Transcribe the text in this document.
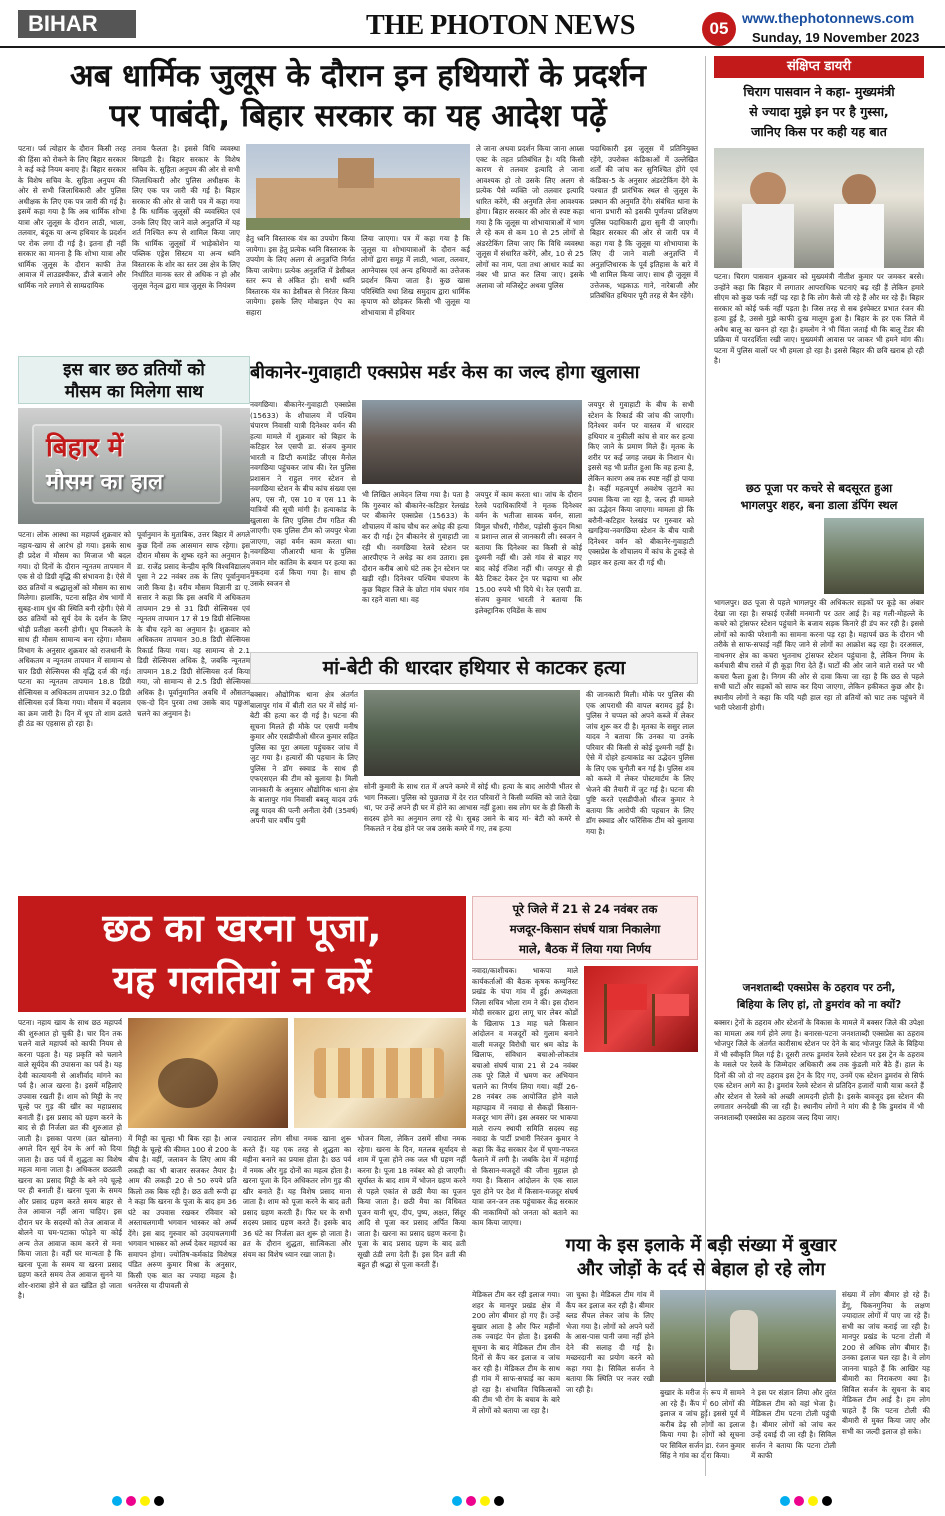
BIHAR	THE PHOTON NEWS	05
www.thephotonnews.com
Sunday, 19 November 2023
अब धार्मिक जुलूस के दौरान इन हथियारों के प्रदर्शन
पर पाबंदी, बिहार सरकार का यह आदेश पढ़ें
पटना। पर्व त्योहार के दौरान किसी तरह की हिंसा को रोकने के लिए बिहार सरकार ने कई कड़े नियम बनाए हैं। बिहार सरकार के विशेष सचिव के. सुहिता अनुपम की ओर से सभी जिलाधिकारी और पुलिस अधीक्षक के लिए एक पत्र जारी की गई है। इसमें कहा गया है कि अब धार्मिक शोभा यात्रा और जुलूस के दौरान लाठी, भाला, तलवार, बंदूक या अन्य हथियार के प्रदर्शन पर रोक लगा दी गई है। इतना ही नहीं सरकार का मानना है कि शोभा यात्रा और धार्मिक जुलूस के दौरान काफी तेज आवाज में लाउडस्पीकर, डीजे बजाने और धार्मिक नारे लगाने से साम्प्रदायिक
तनाव फैलता है। इससे विधि व्यवस्था बिगड़ती है। बिहार सरकार के विशेष सचिव के. सुहिता अनुपम की ओर से सभी जिलाधिकारी और पुलिस अधीक्षक के लिए एक पत्र जारी की गई है। बिहार सरकार की ओर से जारी पत्र में कहा गया है कि धार्मिक जुलूसों की व्यवस्थित एवं उनके लिए दिए जाने वाले अनुज्ञप्ति में यह शर्त निश्चित रूप से शामिल किया जाए कि धार्मिक जुलूसों में भाड़ेकोशेन या पब्लिक एड्रेस सिस्टम या अन्य ध्वनि विस्तारक के शोर का स्तर उस क्षेत्र के लिए निर्धारित मानक स्तर से अधिक न हो और जुलूस नेतृत्व द्वारा मात्र जुलूस के नियंत्रण
हेतु ध्वनि विस्तारक यंत्र का उपयोग किया जायेगा। इस हेतु प्रत्येक ध्वनि विस्तारक के उपयोग के लिए अलग से अनुज्ञप्ति निर्गत किया जायेगा। प्रत्येक अनुज्ञप्ति में डेसीबल स्तर रूप से अंकित हो। सभी ध्वनि विस्तारक यंत्र का डेसीबल से निरंतर किया जायेगा। इसके लिए मोबाइल ऐप का सहारा
लिया जाएगा। पत्र में कहा गया है कि जुलूस या शोभायात्राओं के दौरान कई लोगों द्वारा समूह में लाठी, भाला, तलवार, आग्नेयास्त्र एवं अन्य हथियारों का उत्तेजक प्रदर्शन किया जाता है। कुछ खास परिस्थिति यथा शिख समुदाय द्वारा धार्मिक कृपाण को छोड़कर किसी भी जुलूस या शोभायात्रा में हथियार
ले जाना अथवा प्रदर्शन किया जाना आम्र्स एक्ट के तहत प्रतिबंधित है। यदि किसी कारण से तलवार इत्यादि ले जाना आवश्यक हो तो उसके लिए अलग से प्रत्येक पैसे व्यक्ति जो तलवार इत्यादि धारित करेंगे, की अनुमति लेना आवश्यक होगा। बिहार सरकार की ओर से स्पष्ट कहा गया है कि जुलूस या शोभायात्राओं में भाग ले रहे कम से कम 10 से 25 लोगों से अंडरटेकिंग लिया जाए कि विधि व्यवस्था जुलूस में संधारित करेंगे, और, 10 से 25 लोगों का नाम, पता तथा आधार कार्ड का नंबर भी प्राप्त कर लिया जाए। इसके अलावा जो मजिस्ट्रेट अथवा पुलिस
पदाधिकारी इस जुलूस में प्रतिनियुक्त रहेंगे, उपरोक्त कंडिकाओं में उल्लेखित शर्तों की जांच कर सुनिश्चित होंगे एवं कंडिका-5 के अनुसार अंडरटेकिंग देंगे के पश्चात ही प्रारंभिक स्थल से जुलूस के प्रस्थान की अनुमति देंगे। संबंधित थाना के थाना प्रभारी को इसकी पूर्णतया प्रशिक्षण पुलिस पदाधिकारी द्वारा सुनी दी जाएगी। बिहार सरकार की ओर से जारी पत्र में कहा गया है कि जुलूस या शोभायात्रा के लिए दी जाने वाली अनुज्ञप्ति में अनुज्ञप्तिधारक के पूर्व इतिहास के बारे में भी शामिल किया जाए। साथ ही जुलूस में उत्तेजक, भड़काऊ गाने, नारेबाजी और प्रतिबंधित हथियार पूरी तरह से बैन रहेंगे।
इस बार छठ व्रतियों को
मौसम का मिलेगा साथ
बिहार में
मौसम का हाल
पटना। लोक आस्था का महापर्व शुक्रवार को नहाय-खाय से आरंभ हो गया। इसके साथ ही प्रदेश में मौसम का मिजाज भी बदल गया। दो दिनों के दौरान न्यूनतम तापमान में एक से दो डिग्री वृद्धि की संभावना है। ऐसे में छठ व्रतियों व श्रद्धालुओं को मौसम का साथ मिलेगा। हालांकि, पटना सहित शेष भागों में सुबह-शाम धुंध की स्थिति बनी रहेगी। ऐसे में छठ व्रतियों को सूर्य देव के दर्शन के लिए थोड़ी प्रतीक्षा करनी होगी। धूप निकलने के साथ ही मौसम सामान्य बना रहेगा। मौसम विभाग के अनुसार शुक्रवार को राजधानी के अधिकतम व न्यूनतम तापमान में सामान्य से चार डिग्री सेल्सियस की वृद्धि दर्ज की गई। पटना का न्यूनतम तापमान 18.8 डिग्री सेल्सियस व अधिकतम तापमान 32.0 डिग्री सेल्सियस दर्ज किया गया। मौसम में बदलाव का क्रम जारी है। दिन में धूप तो शाम ढलते ही ठंड का एहसास हो रहा है।
पूर्वानुमान के मुताबिक, उत्तर बिहार में अगले कुछ दिनों तक आसमान साफ रहेगा। इस दौरान मौसम के शुष्क रहने का अनुमान है। डा. राजेंद्र प्रसाद केन्द्रीय कृषि विश्वविद्यालय पूसा ने 22 नवंबर तक के लिए पूर्वानुमान जारी किया है। वरीय मौसम विज्ञानी डा ए. सत्तार ने कहा कि इस अवधि में अधिकतम तापमान 29 से 31 डिग्री सेल्सियस एवं न्यूनतम तापमान 17 से 19 डिग्री सेल्सियस के बीच रहने का अनुमान है। शुक्रवार को अधिकतम तापमान 30.8 डिग्री सेल्सियस रिकार्ड किया गया। यह सामान्य से 2.1 डिग्री सेल्सियस अधिक है, जबकि न्यूनतम तापमान 18.2 डिग्री सेल्सियस दर्ज किया गया, जो सामान्य से 2.5 डिग्री सेल्सियस अधिक है। पूर्वानुमानित अवधि में औसतन एक-दो दिन पुरवा तथा उसके बाद पछुआ चलने का अनुमान है।
बीकानेर-गुवाहाटी एक्सप्रेस मर्डर केस का जल्द होगा खुलासा
नवगछिया। बीकानेर-गुवाहाटी एक्सप्रेस (15633) के शौचालय में पश्चिम चंपारण निवासी यात्री दिनेश्वर वर्मन की हत्या मामले में शुक्रवार को बिहार के कटिहार रेल एसपी डा. संजय कुमार भारती व डिप्टी कमांडेंट जीएस मैनोल नवगछिया पहुंचकर जांच की। रेल पुलिस प्रशासन ने राहुल नगर स्टेशन से नवगछिया स्टेशन के बीच कांच संख्या एस अप, एस नौ, एस 10 व एस 11 के यात्रियों की सूची मांगी है। हत्याकांड के खुलासा के लिए पुलिस टीम गठित की जाएगी। एक पुलिस टीम को जयपुर भेजा जाएगा, जहां वर्मन काम करता था। नवगछिया जीआरपी थाना के पुलिस जवान मोर कांतिम के बयान पर हत्या का मुकदमा दर्ज किया गया है। साथ ही उसके स्वजन से
भी लिखित आवेदन लिया गया है। पता है कि गुरुवार को बीकानेर-कटिहार रेलखंड पर बीकानेर एक्सप्रेस (15633) के शौचालय में कांच चौथ कर अधेड़ की हत्या कर दी गई। ट्रेन बीकानेर से गुवाहाटी जा रही थी। नवगछिया रेलवे स्टेशन पर आरपीएफ ने अधेड़ का शव उतारा। इस दौरान करीब आधे घंटे तक ट्रेन स्टेशन पर खड़ी रही। दिनेश्वर पश्चिम चंपारण के कुछ बिहार जिले के छोटा गांव घंघार गांव का रहने वाला था। वह
जयपुर में काम करता था। जांच के दौरान रेलवे पदाधिकारियों ने मृतक दिनेश्वर वर्मन के भतीजा सावक वर्मन, साला विमुल चौधरी, गौरीश, पड़ोसी कुंदन मिश्रा व प्रशान्त लाल से जानकारी ली। स्वजन ने बताया कि दिनेश्वर का किसी से कोई दुश्मनी नहीं थी। उसे गांव से बाहर गए बाद कोई रंजिश नहीं थी। जयपुर से ही बैठे टिकट देकर ट्रेन पर चढ़ाया था और 15.00 रुपये भी दिये थे। रेल एसपी डा. संजय कुमार भारती ने बताया कि इलेक्ट्रानिक एविडेंस के साथ
जयपुर से गुवाहाटी के बीच के सभी स्टेशन के रिकार्ड की जांच की जाएगी। दिनेश्वर वर्मन पर वास्तव में धारदार हथियार व नुकीली कांच से वार कर हत्या किए जाने के प्रमाण मिले हैं। मृतक के शरीर पर कई जगह जख्म के निशान थे। इससे यह भी प्रतीत हुआ कि वह हत्या है, लेकिन कारण अब तक स्पष्ट नहीं हो पाया है। कहीं महत्वपूर्ण अवशेष जुटाने का प्रयास किया जा रहा है, जल्द ही मामले का उद्भेदन किया जाएगा। मामला हो कि बरौनी-कटिहार रेलखंड पर गुरुवार को खगड़िया-नवगछिया स्टेशन के बीच यात्री दिनेश्वर वर्मन को बीकानेर-गुवाहाटी एक्सप्रेस के शौचालय में कांच के टुकड़े से प्रहार कर हत्या कर दी गई थी।
मां-बेटी की धारदार हथियार से काटकर हत्या
बक्सर। औद्योगिक थाना क्षेत्र अंतर्गत बालापुर गांव में बीती रात घर में सोई मां-बेटी की हत्या कर दी गई है। घटना की सूचना मिलते ही मौके पर एसपी मनीष कुमार और एसडीपीओ धीरज कुमार सहित पुलिस का पूरा अमला पहुंचकर जांच में जुट गया है। हत्यारों की पहचान के लिए पुलिस ने डॉग स्क्वाड के साथ ही एफएसएल की टीम को बुलाया है। मिली जानकारी के अनुसार औद्योगिक थाना क्षेत्र के बालापुर गांव निवासी बबलू यादव उर्फ लड्डू यादव की पत्नी अनीता देवी (35वर्ष) अपनी चार वर्षीय पुत्री
सोनी कुमारी के साथ रात में अपने कमरे में सोई थी। हत्या के बाद आरोपी भीतर से भाग निकला। पुलिस को पुछताछ में देर रात परिवारों ने किसी व्यक्ति को जाते देखा था, पर उन्हें अपने ही घर में होने का आभास नहीं हुआ। सब लोग घर के ही किसी के सदस्य होने का अनुमान लगा रहे थे। सुबह उसने के बाद मां- बेटी को कमरे से निकलते न देख होने पर जब उसके कमरे में गए, तब हत्या
की जानकारी मिली। मौके पर पुलिस की एक आपराधी की वापल बरामद हुई है। पुलिस ने चप्पल को अपने कब्जे में लेकर जांच शुरू कर दी है। मृतका के ससुर लाल यादव ने बताया कि उनका या उनके परिवार की किसी से कोई दुश्मनी नहीं है। ऐसे में दोहरे हत्याकांड का उद्भेदन पुलिस के लिए एक चुनौती बन गई है। पुलिस शव को कब्जे में लेकर पोस्टमार्टम के लिए भेजने की तैयारी में जुट गई है। घटना की पुष्टि करते एसडीपीओ धीरज कुमार ने बताया कि आरोपी की पहचान के लिए डॉग स्क्वाड और फॉरेंसिक टीम को बुलाया गया है।
छठ का खरना पूजा,
यह गलतियां न करें
पटना। नहाय खाय के साथ छठ महापर्व की शुरुआत हो चुकी है। चार दिन तक चलने वाले महापर्व को काफी नियम से करना पड़ता है। यह प्रकृति को चलाने वाले सूर्यदेव की उपासना का पर्व है। यह देवी कात्यायनी से आशीर्वाद मांगने का पर्व है। आज खरना है। इसमें महिलाएं उपवास रखती हैं। शाम को मिट्टी के नए चूल्हे पर गुड़ की खीर का महाप्रसाद बनाती हैं। इस प्रसाद को ग्रहण करने के बाद से ही निर्जला व्रत की शुरुआत हो जाती है। इसका पारण (व्रत खोलना) अगले दिन सूर्य देव के अर्ग को दिया जाता है। छठ पर्व में शुद्धता का विशेष महत्व माना जाता है। अधिकतर छठव्रती खरना का प्रसाद मिट्टी के बने नये चूल्हे पर ही बनाती हैं। खरना पूजा के समय और प्रसाद ग्रहण करते समय बाहर से तेज आवाज नहीं आना चाहिए। इस दौरान घर के सदस्यों को तेज आवाज में बोलने या चम-पटाका फोड़ने या कोई अन्य तेज आवाज काम करने से मना किया जाता है। वहीं घर मान्यता है कि खरना पूजा के समय या खरना प्रसाद ग्रहण करते समय तेज आवाज सुनने या शोर-शराबा होने से व्रत खंडित हो जाता है।
में मिट्टी का चूल्हा भी बिक रहा है। आज मिट्टी के चूल्हे की कीमत 100 से 200 के बीच है। वहीं, जलावन के लिए आम की लकड़ी का भी बाजार सजकर तैयार है। आम की लकड़ी 20 से 50 रुपये प्रति किलो तक बिक रही है। छठ व्रती रूपी ढ़ा ने कहा कि खरना के पूजा के बाद हम 36 घंटे का उपवास रखकर रविवार को अस्ताचलगामी भगवान भास्कर को अर्घ्य देंगे। इस बाद गुरुवार को उदयाचलगामी भगवान भास्कर को अर्घ्य देकर महापर्व का समापन होगा। ज्योतिष-कर्मकांड विशेषज्ञ पंडित अरुण कुमार मिश्रा के अनुसार, किसी एक बात का ज्यादा महत्व है। धनतेरस या दीपावली से
ज्यादातर लोग सीधा नमक खाना शुरू करते हैं। यह एक तरह से शुद्धता का महीना बनाने का प्रयास होता है। छठ पर्व में नमक और गुड़ दोनों का महत्व होता है। खरना पूजा के दिन अधिकतर लोग गुड़ की खीर बनाते हैं। यह विशेष प्रसाद माना जाता है। शाम को पूजा करने के बाद व्रती प्रसाद ग्रहण करती हैं। फिर घर के सभी सदस्य प्रसाद ग्रहण करते हैं। इसके बाद 36 घंटे का निर्जला व्रत शुरू हो जाता है। व्रत के दौरान शुद्धता, सात्विकता और संयम का विशेष ध्यान रखा जाता है।
भोजन मिला, लेकिन उसमें सीधा नमक रहेगा। खरना के दिन, मतलब सूर्यादय से शाम में पूजा होने तक जल भी ग्रहण नहीं करना है। पूजा 18 नवंबर को हो जाएगी। सूर्यास्त के बाद शाम में भोजन ग्रहण करने से पहले एकांत से छठी मैया का पूजन किया जाता है। छठी मैया का विधिवत पूजन यानी धूप, दीप, पुष्प, अक्षत, सिंदूर आदि से पूजा कर प्रसाद अर्पित किया जाता है। खरना का प्रसाद ग्रहण करना है। पूजा के बाद प्रसाद ग्रहण के बाद व्रती सूखी ठंडी लगा देती हैं। इस दिन व्रती की बहुत ही श्रद्धा से पूजा करती हैं।
पूरे जिले में 21 से 24 नवंबर तक
मजदूर-किसान संघर्ष यात्रा निकालेगा
माले, बैठक में लिया गया निर्णय
नवादा/काशीचक। भाकपा माले कार्यकर्ताओं की बैठक कृषक कम्युनिस्ट प्रखंड के चंपा गांव में हुई। अध्यक्षता जिला सचिव भोला राम ने की। इस दौरान मोदी सरकार द्वारा लागू चार लेबर कोडों के खिलाफ 13 माह चले किसान आंदोलन व मजदूरों को गुलाम बनाने वाली मजदूर विरोधी चार श्रम कोड के खिलाफ, संविधान बचाओ-लोकतंत्र बचाओ संघर्ष यात्रा 21 से 24 नवंबर तक पूरे जिले में भ्रमण कर अभियान चलाने का निर्णय लिया गया। वहीं 26-28 नवंबर तक आयोजित होने वाले महापड़ाव में नवादा से सैकड़ों किसान-मजदूर भाग लेंगे। इस अवसर पर भाकपा माले राज्य स्थायी समिति सदस्य सह नवादा के पार्टी प्रभारी निरंजन कुमार ने कहा कि केंद्र सरकार देश में घृणा-नफरत फैलाने में लगी है। जबकि देश में महंगाई से किसान-मजदूरों की जीना मुहाल हो गया है। किसान आंदोलन के एक साल पूरा होने पर देश में किसान-मजदूर संघर्ष यात्रा जन-जन तक पहुंचाकर केंद्र सरकार की नाकामियों को जनता को बताने का काम किया जाएगा।
गया के इस इलाके में बड़ी संख्या में बुखार
और जोड़ों के दर्द से बेहाल हो रहे लोग
मेडिकल टीम कर रही इलाज गया। शहर के मानपुर प्रखंड क्षेत्र में 200 लोग बीमार हो गए हैं। उन्हें बुखार आता है और फिर महीनों तक ज्वाइंट पेन होता है। इसकी सूचना के बाद मेडिकल टीम तीन दिनों से कैंप कर इलाज व जांच कर रही है। मेडिकल टीम के साथ ही गांव में साफ-सफाई का काम हो रहा है। संभावित चिकित्सकों की टीम भी रोग के बचाव के बारे में लोगों को बताया जा रहा है।
जा चुका है। मेडिकल टीम गांव में कैंप कर इलाज कर रही है। बीमार ब्लड सैंपल लेकर जांच के लिए भेजा गया है। लोगों को अपने घरों के आस-पास पानी जमा नहीं होने देने की सलाह दी गई है। मच्छरदानी का प्रयोग करने को कहा गया है। सिविल सर्जन ने बताया कि स्थिति पर नजर रखी जा रही है।	बुखार के मरीज के रूप में सामने आ रहे हैं। कैंप में 60 लोगों की इलाज व जांच हुई। इससे पूर्व में करीब डेढ़ सौ लोगों का इलाज किया गया है। लोगों को सूचना पर सिविल सर्जन डा. रंजन कुमार सिंह ने गांव का दौरा किया।
ने इस पर संज्ञान लिया और तुरंत मेडिकल टीम को वहां भेजा है। मेडिकल टीम पटना टोली पहुंची है। बीमार लोगों को जांच कर उन्हें दवाई दी जा रही है। सिविल सर्जन ने बताया कि पटना टोली में काफी
संख्या में लोग बीमार हो रहे हैं। डेंगू, चिकनगुनिया के लक्षण ज्यादातर लोगों में पाए जा रहे हैं। सभी का जांच कराई जा रही है। मानपुर प्रखंड के पटना टोली में 200 से अधिक लोग बीमार हैं। उनका इलाज चल रहा है। वे लोग जानना चाहते हैं कि आखिर यह बीमारी का निराकरण क्या है। सिविल सर्जन के सूचना के बाद मेडिकल टीम आई है। हम लोग चाहते हैं कि पटना टोली की बीमारी से मुक्त किया जाए और सभी का जल्दी इलाज हो सके।
संक्षिप्त डायरी
चिराग पासवान ने कहा- मुख्यमंत्री
से ज्यादा मुझे इन पर है गुस्सा,
जानिए किस पर कही यह बात
पटना। चिराग पासवान शुक्रवार को मुख्यमंत्री नीतीश कुमार पर जमकर बरसे। उन्होंने कहा कि बिहार में लगातार आपराधिक घटनाएं बढ़ रही हैं लेकिन हमारे सीएम को कुछ फर्क नहीं पड़ रहा है कि लोग कैसे जी रहे हैं और मर रहे हैं। बिहार सरकार को कोई फर्क नहीं पड़ता है। जिस तरह से सब इंस्पेक्टर प्रभात रंजन की हत्या हुई है, उससे मुझे काफी दुःख मालूम हुआ है। बिहार के हर एक जिले में अवैध बालू का खनन हो रहा है। हमलोग ने भी चिंता जताई थी कि बालू टेंडर की प्रक्रिया में पारदर्शिता रखी जाए। मुख्यमंत्री आवास पर जाकर भी हमने मांग की। पटना में पुलिस वालों पर भी हमला हो रहा है। इससे बिहार की छवि खराब हो रही है।
छठ पूजा पर कचरे से बदसूरत हुआ
भागलपुर शहर, बना डाला डंपिंग स्थल
भागलपुर। छठ पूजा से पहले भागलपुर की अधिकतर सड़कों पर कूड़े का अंबार देखा जा रहा है। सफाई एजेंसी मनमानी पर उतर आई है। वह गली-मोहल्ले के कचरे को ट्रांसफर स्टेशन पहुंचाने के बजाय सड़क किनारे ही डंप कर रही है। इससे लोगों को काफी परेशानी का सामना करना पड़ रहा है। महापर्व छठ के दौरान भी तरीके से साफ-सफाई नहीं किए जाने से लोगों का आक्रोश बढ़ रहा है। दरअसल, नाथनगर क्षेत्र का कचरा भुतनाथ ट्रांसफर स्टेशन पहुंचाना है, लेकिन निगम के कर्मचारी बीच रास्ते में ही कूड़ा गिरा देते हैं। घाटों की ओर जाने वाले रास्ते पर भी कचरा फैला हुआ है। निगम की ओर से दावा किया जा रहा है कि छठ से पहले सभी घाटों और सड़कों को साफ कर दिया जाएगा, लेकिन हकीकत कुछ और है। स्थानीय लोगों ने कहा कि यदि यही हाल रहा तो व्रतियों को घाट तक पहुंचने में भारी परेशानी होगी।
जनशताब्दी एक्सप्रेस के ठहराव पर ठनी,
बिहिया के लिए हां, तो डुमरांव को ना क्यों?
बक्सर। ट्रेनों के ठहराव और स्टेशनों के विकास के मामले में बक्सर जिले की उपेक्षा का मामला अब गर्म होने लगा है। बनारस-पटना जनशताब्दी एक्सप्रेस का ठहराव भोजपुर जिले के अंतर्गत कारीसाथ स्टेशन पर देने के बाद भोजपुर जिले के बिहिया में भी स्वीकृति मिल गई है। दूसरी तरफ डुमरांव रेलवे स्टेशन पर इस ट्रेन के ठहराव के मसले पर रेलवे के जिम्मेदार अधिकारी अब तक कुंडली मारे बैठे हैं। हाल के दिनों की जो दो नए ठहराव इस ट्रेन के दिए गए, उनमें एक स्टेशन डुमरांव से सिर्फ एक स्टेशन आगे का है। डुमरांव रेलवे स्टेशन से प्रतिदिन हजारों यात्री यात्रा करते हैं और स्टेशन से रेलवे को अच्छी आमदनी होती है। इसके बावजूद इस स्टेशन की लगातार अनदेखी की जा रही है। स्थानीय लोगों ने मांग की है कि डुमरांव में भी जनशताब्दी एक्सप्रेस का ठहराव जल्द दिया जाए।
